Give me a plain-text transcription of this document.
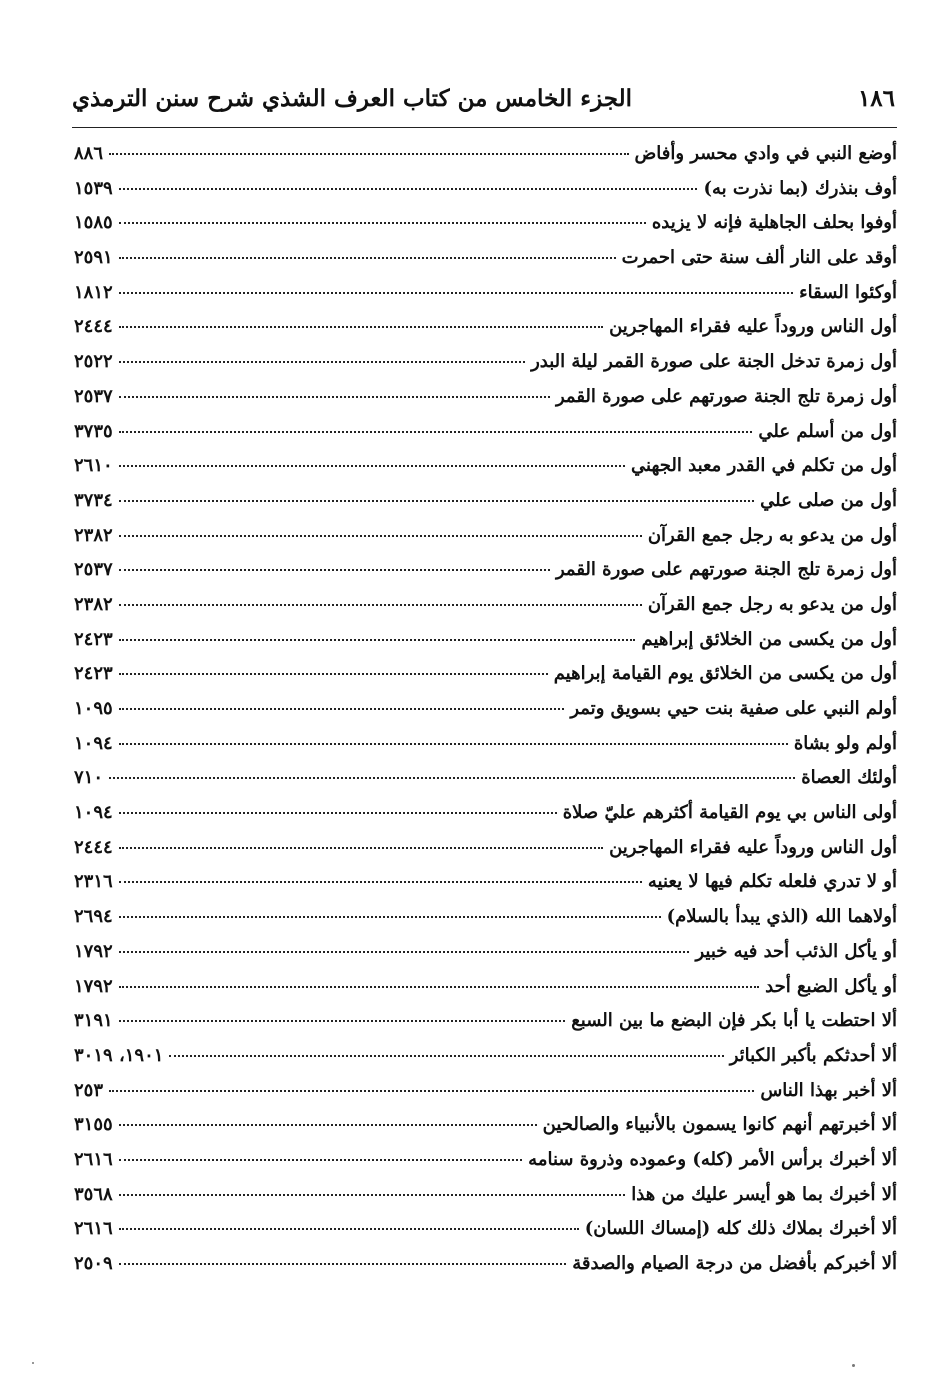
١٨٦
الجزء الخامس من كتاب العرف الشذي شرح سنن الترمذي
أوضع النبي في وادي محسر وأفاض
٨٨٦
أوف بنذرك (بما نذرت به)
١٥٣٩
أوفوا بحلف الجاهلية فإنه لا يزيده
١٥٨٥
أوقد على النار ألف سنة حتى احمرت
٢٥٩١
أوكئوا السقاء
١٨١٢
أول الناس وروداً عليه فقراء المهاجرين
٢٤٤٤
أول زمرة تدخل الجنة على صورة القمر ليلة البدر
٢٥٢٢
أول زمرة تلج الجنة صورتهم على صورة القمر
٢٥٣٧
أول من أسلم علي
٣٧٣٥
أول من تكلم في القدر معبد الجهني
٢٦١٠
أول من صلى علي
٣٧٣٤
أول من يدعو به رجل جمع القرآن
٢٣٨٢
أول زمرة تلج الجنة صورتهم على صورة القمر
٢٥٣٧
أول من يدعو به رجل جمع القرآن
٢٣٨٢
أول من يكسى من الخلائق إبراهيم
٢٤٢٣
أول من يكسى من الخلائق يوم القيامة إبراهيم
٢٤٢٣
أولم النبي على صفية بنت حيي بسويق وتمر
١٠٩٥
أولم ولو بشاة
١٠٩٤
أولئك العصاة
٧١٠
أولى الناس بي يوم القيامة أكثرهم عليّ صلاة
١٠٩٤
أول الناس وروداً عليه فقراء المهاجرين
٢٤٤٤
أو لا تدري فلعله تكلم فيها لا يعنيه
٢٣١٦
أولاهما الله (الذي يبدأ بالسلام)
٢٦٩٤
أو يأكل الذئب أحد فيه خبير
١٧٩٢
أو يأكل الضبع أحد
١٧٩٢
ألا احتطت يا أبا بكر فإن البضع ما بين السبع
٣١٩١
ألا أحدثكم بأكبر الكبائر
١٩٠١، ٣٠١٩
ألا أخبر بهذا الناس
٢٥٣
ألا أخبرتهم أنهم كانوا يسمون بالأنبياء والصالحين
٣١٥٥
ألا أخبرك برأس الأمر (كله) وعموده وذروة سنامه
٢٦١٦
ألا أخبرك بما هو أيسر عليك من هذا
٣٥٦٨
ألا أخبرك بملاك ذلك كله (إمساك اللسان)
٢٦١٦
ألا أخبركم بأفضل من درجة الصيام والصدقة
٢٥٠٩
